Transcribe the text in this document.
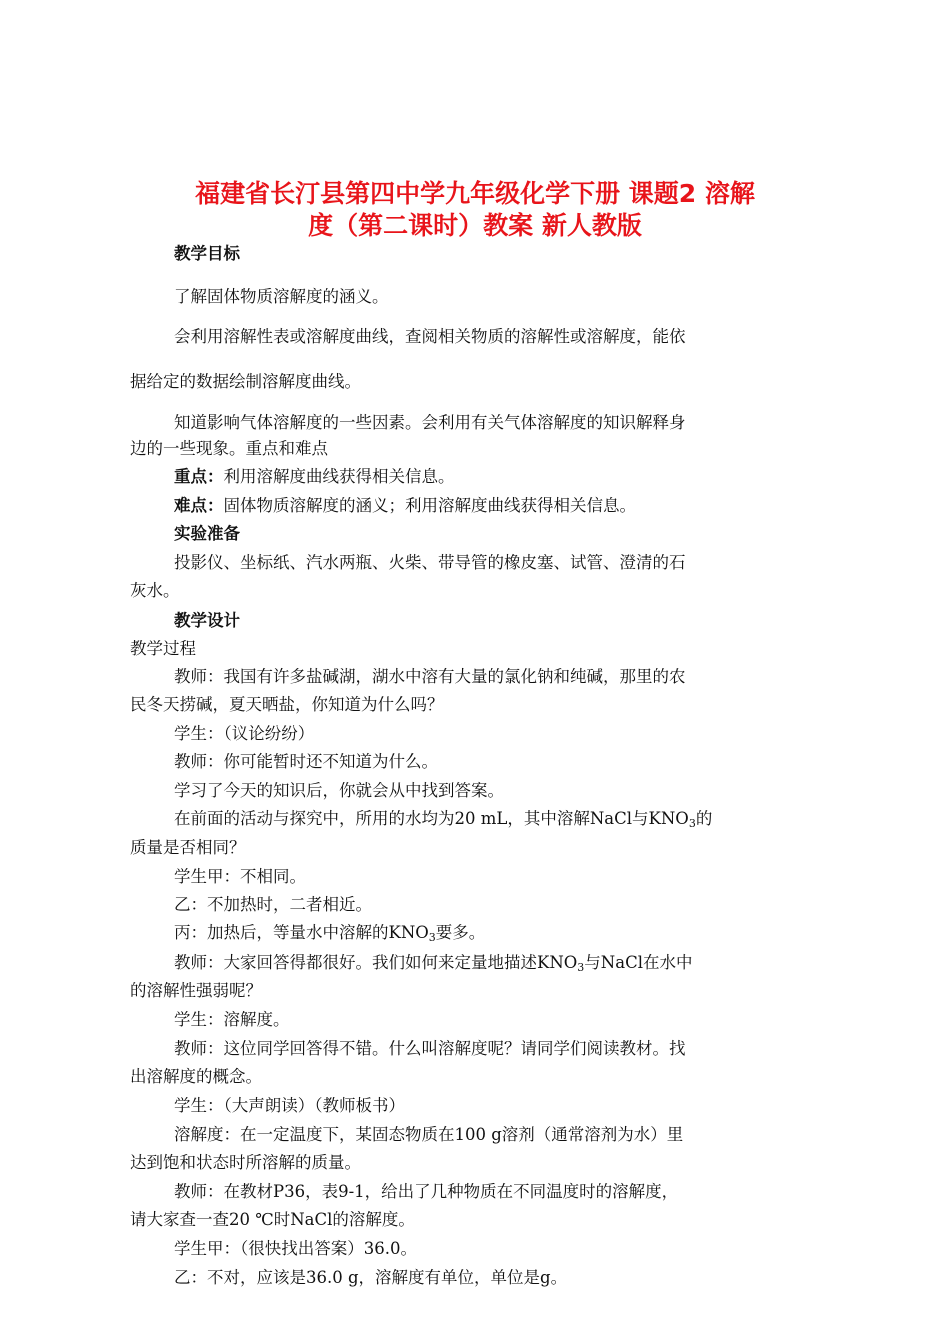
福建省长汀县第四中学九年级化学下册 课题2 溶解
度（第二课时）教案 新人教版
教学目标
了解固体物质溶解度的涵义。
会利用溶解性表或溶解度曲线，查阅相关物质的溶解性或溶解度，能依
据给定的数据绘制溶解度曲线。
知道影响气体溶解度的一些因素。会利用有关气体溶解度的知识解释身
边的一些现象。重点和难点
重点：利用溶解度曲线获得相关信息。
难点：固体物质溶解度的涵义；利用溶解度曲线获得相关信息。
实验准备
投影仪、坐标纸、汽水两瓶、火柴、带导管的橡皮塞、试管、澄清的石
灰水。
教学设计
教学过程
教师：我国有许多盐碱湖，湖水中溶有大量的氯化钠和纯碱，那里的农
民冬天捞碱，夏天晒盐，你知道为什么吗？
学生：（议论纷纷）
教师：你可能暂时还不知道为什么。
学习了今天的知识后，你就会从中找到答案。
在前面的活动与探究中，所用的水均为20 mL，其中溶解NaCl与$KNO_3$的
质量是否相同？
学生甲：不相同。
乙：不加热时，二者相近。
丙：加热后，等量水中溶解的$KNO_3$要多。
教师：大家回答得都很好。我们如何来定量地描述$KNO_3$与NaCl在水中
的溶解性强弱呢？
学生：溶解度。
教师：这位同学回答得不错。什么叫溶解度呢？请同学们阅读教材。找
出溶解度的概念。
学生：（大声朗读）（教师板书）
溶解度：在一定温度下，某固态物质在100 g溶剂（通常溶剂为水）里
达到饱和状态时所溶解的质量。
教师：在教材P36，表9-1，给出了几种物质在不同温度时的溶解度，
请大家查一查20 ℃时NaCl的溶解度。
学生甲：（很快找出答案）36.0。
乙：不对，应该是36.0 g，溶解度有单位，单位是g。
